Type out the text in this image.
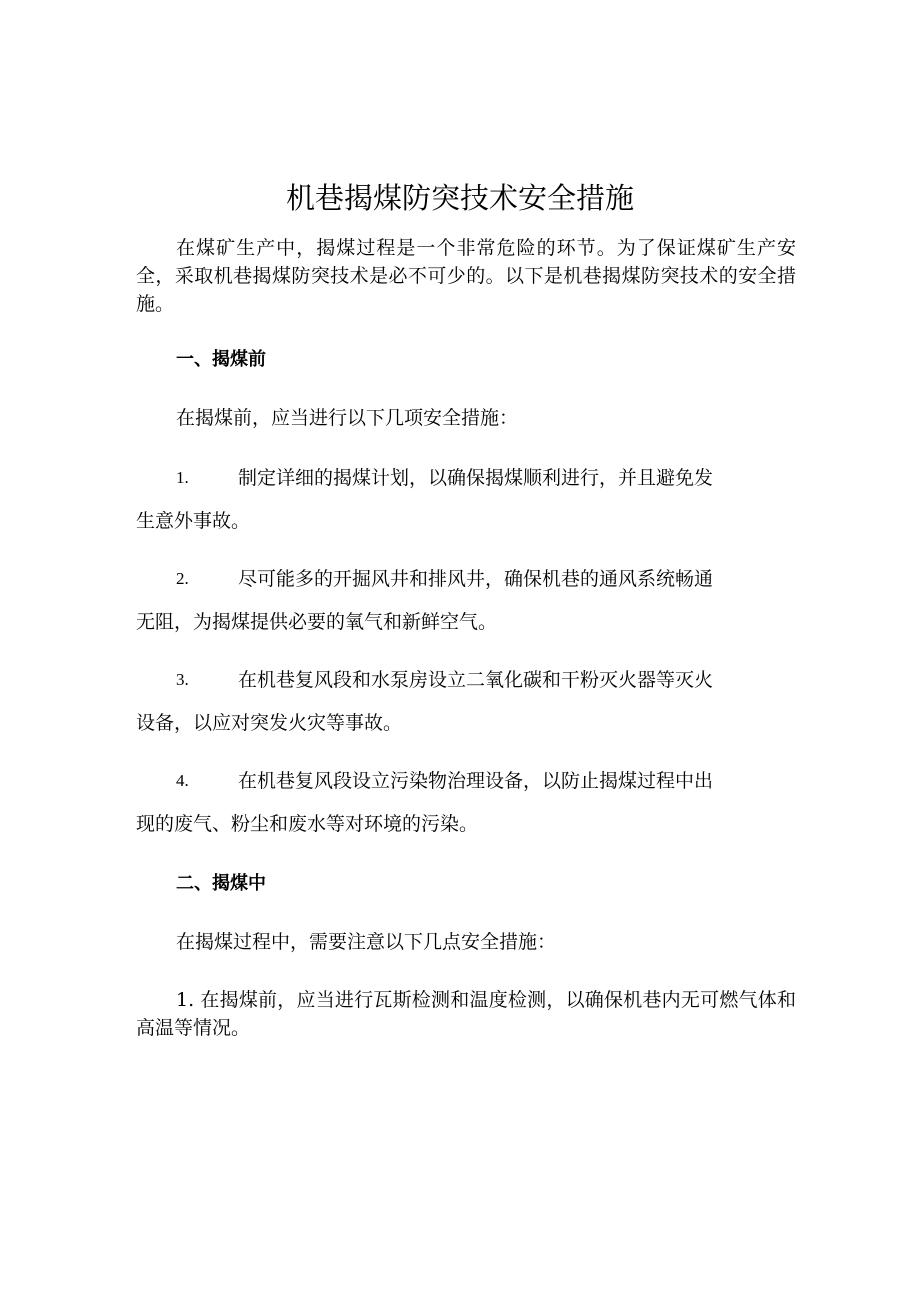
机巷揭煤防突技术安全措施

在煤矿生产中，揭煤过程是一个非常危险的环节。为了保证煤矿生产安全，采取机巷揭煤防突技术是必不可少的。以下是机巷揭煤防突技术的安全措施。

一、揭煤前

在揭煤前，应当进行以下几项安全措施：

1.	制定详细的揭煤计划，以确保揭煤顺利进行，并且避免发

生意外事故。

2.	尽可能多的开掘风井和排风井，确保机巷的通风系统畅通

无阻，为揭煤提供必要的氧气和新鲜空气。

3.	在机巷复风段和水泵房设立二氧化碳和干粉灭火器等灭火

设备，以应对突发火灾等事故。

4.	在机巷复风段设立污染物治理设备，以防止揭煤过程中出

现的废气、粉尘和废水等对环境的污染。

二、揭煤中

在揭煤过程中，需要注意以下几点安全措施：

1. 在揭煤前，应当进行瓦斯检测和温度检测，以确保机巷内无可燃气体和高温等情况。
